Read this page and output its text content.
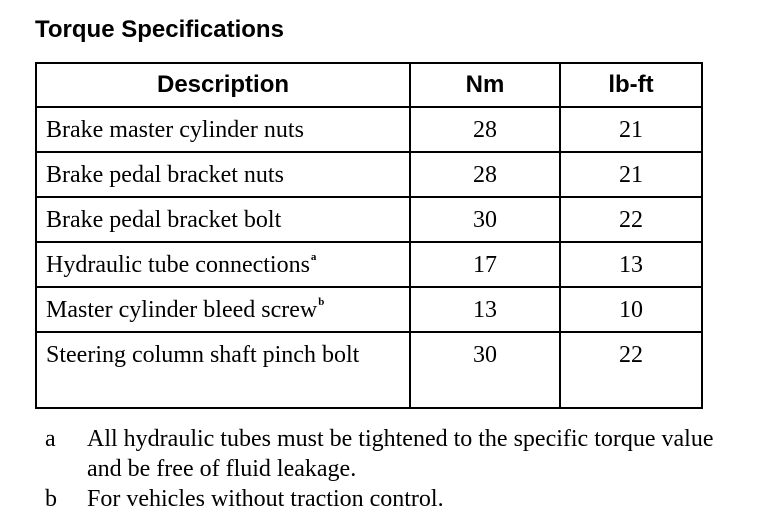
Torque Specifications
Description	Nm	lb-ft
Brake master cylinder nuts	28	21
Brake pedal bracket nuts	28	21
Brake pedal bracket bolt	30	22
Hydraulic tube connections$^a$	17	13
Master cylinder bleed screw$^b$	13	10
Steering column shaft pinch bolt	30	22
a	All hydraulic tubes must be tightened to the specific torque value and be free of fluid leakage.
b	For vehicles without traction control.
